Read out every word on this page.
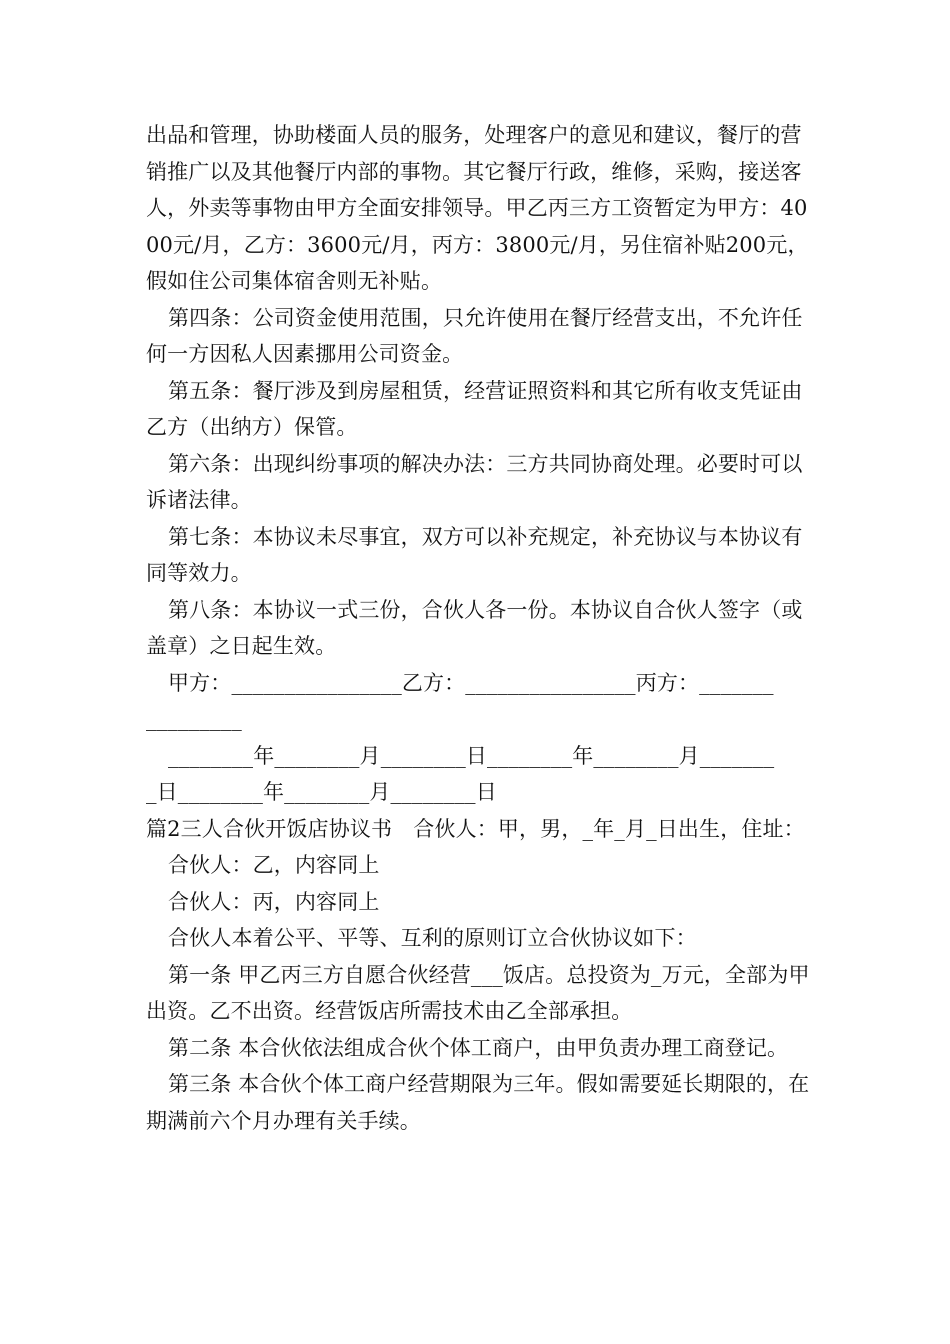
出品和管理，协助楼面人员的服务，处理客户的意见和建议，餐厅的营销推广以及其他餐厅内部的事物。其它餐厅行政，维修，采购，接送客人，外卖等事物由甲方全面安排领导。甲乙丙三方工资暂定为甲方：4000元/月，乙方：3600元/月，丙方：3800元/月，另住宿补贴200元，假如住公司集体宿舍则无补贴。

第四条：公司资金使用范围，只允许使用在餐厅经营支出，不允许任何一方因私人因素挪用公司资金。

第五条：餐厅涉及到房屋租赁，经营证照资料和其它所有收支凭证由乙方（出纳方）保管。

第六条：出现纠纷事项的解决办法：三方共同协商处理。必要时可以诉诸法律。

第七条：本协议未尽事宜，双方可以补充规定，补充协议与本协议有同等效力。

第八条：本协议一式三份，合伙人各一份。本协议自合伙人签字（或盖章）之日起生效。

甲方：________________乙方：________________丙方：_______
_________

________年________月________日________年________月_______
_日________年________月________日

篇2三人合伙开饭店协议书　合伙人：甲，男，_年_月_日出生，住址：

合伙人：乙，内容同上

合伙人：丙，内容同上

合伙人本着公平、平等、互利的原则订立合伙协议如下：

第一条 甲乙丙三方自愿合伙经营___饭店。总投资为_万元，全部为甲出资。乙不出资。经营饭店所需技术由乙全部承担。

第二条 本合伙依法组成合伙个体工商户，由甲负责办理工商登记。

第三条 本合伙个体工商户经营期限为三年。假如需要延长期限的，在期满前六个月办理有关手续。
